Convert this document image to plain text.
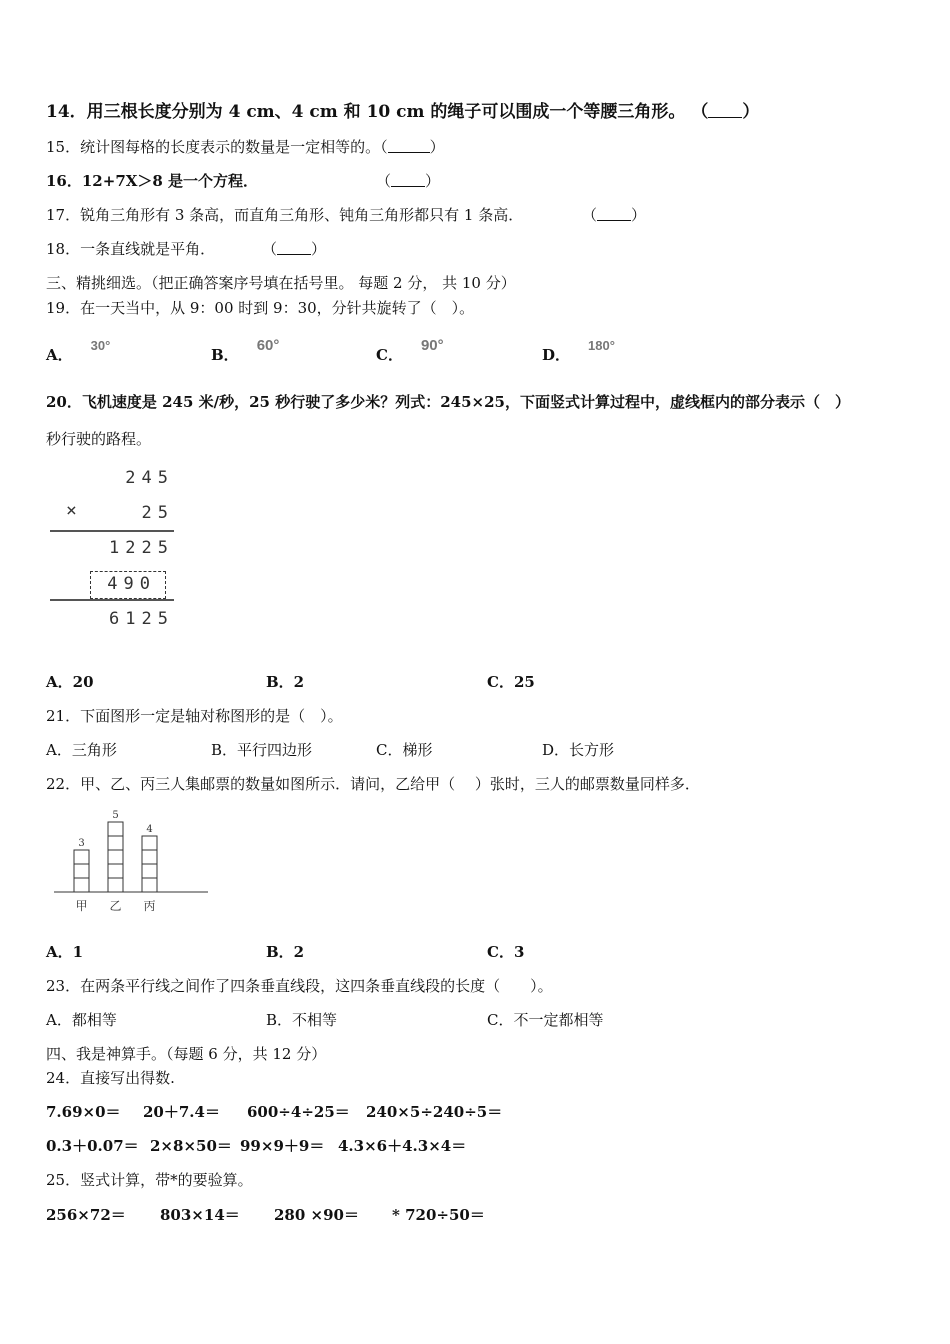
14．用三根长度分别为 4 cm、4 cm 和 10 cm 的绳子可以围成一个等腰三角形。 （ ）
15．统计图每格的长度表示的数量是一定相等的。（	）
16．12+7X＞8 是一个方程．	（ ）
17．锐角三角形有 3 条高，而直角三角形、钝角三角形都只有 1 条高．	（ ）
18．一条直线就是平角．	（ ）
三、精挑细选。（把正确答案序号填在括号里。 每题 2 分， 共 10 分）
19．在一天当中，从 9：00 时到 9：30，分针共旋转了（　）。
A．30°
B．60°
C．90°
D．180°
20．飞机速度是 245 米/秒，25 秒行驶了多少米？列式：245×25，下面竖式计算过程中，虚线框内的部分表示（　）
秒行驶的路程。
245
×	25
1225
490
6125
A．20	B．2	C．25
21．下面图形一定是轴对称图形的是（　）。
A．三角形	B．平行四边形	C．梯形	D．长方形
22．甲、乙、丙三人集邮票的数量如图所示．请问，乙给甲（　 ）张时，三人的邮票数量同样多．
3
甲
5
乙
4
丙
A．1	B．2	C．3
23．在两条平行线之间作了四条垂直线段，这四条垂直线段的长度（　　）。
A．都相等	B．不相等	C．不一定都相等
四、我是神算手。（每题 6 分，共 12 分）
24．直接写出得数.
7.69×0＝ 20＋7.4＝ 600÷4÷25＝ 240×5÷240÷5＝
0.3＋0.07＝ 2×8×50＝ 99×9＋9＝ 4.3×6＋4.3×4＝
25．竖式计算，带*的要验算。
256×72＝ 803×14＝ 280 ×90＝ * 720÷50＝
